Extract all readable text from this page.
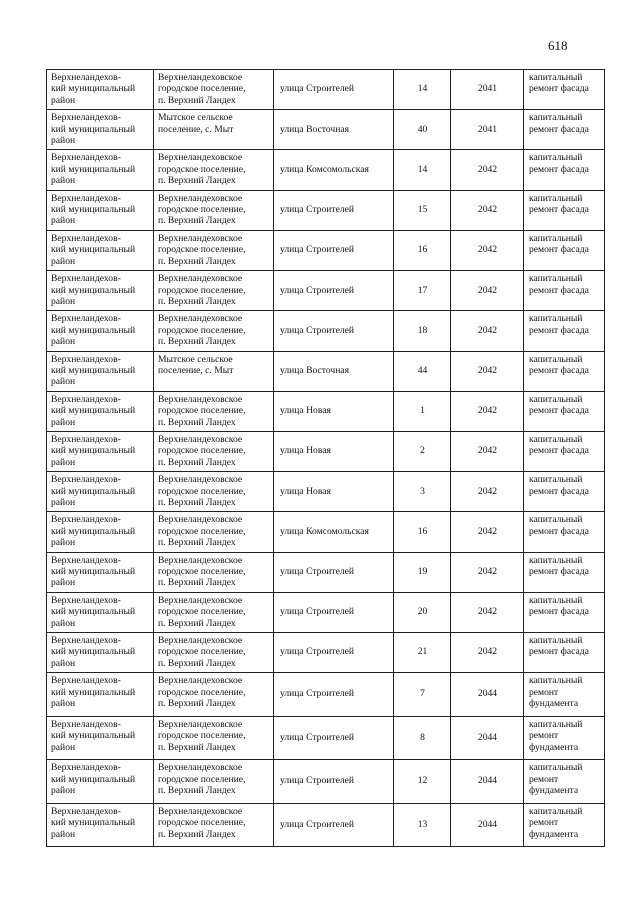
618
Верхнеландехов-
кий муниципальный
район	Верхнеландеховское
городское поселение,
п. Верхний Ландех	улица Строителей	14	2041	капитальный
ремонт фасада

Верхнеландехов-
кий муниципальный
район	Мытское сельское
поселение, с. Мыт	улица Восточная	40	2041	капитальный
ремонт фасада

Верхнеландехов-
кий муниципальный
район	Верхнеландеховское
городское поселение,
п. Верхний Ландех	улица Комсомольская	14	2042	капитальный
ремонт фасада

Верхнеландехов-
кий муниципальный
район	Верхнеландеховское
городское поселение,
п. Верхний Ландех	улица Строителей	15	2042	капитальный
ремонт фасада

Верхнеландехов-
кий муниципальный
район	Верхнеландеховское
городское поселение,
п. Верхний Ландех	улица Строителей	16	2042	капитальный
ремонт фасада

Верхнеландехов-
кий муниципальный
район	Верхнеландеховское
городское поселение,
п. Верхний Ландех	улица Строителей	17	2042	капитальный
ремонт фасада

Верхнеландехов-
кий муниципальный
район	Верхнеландеховское
городское поселение,
п. Верхний Ландех	улица Строителей	18	2042	капитальный
ремонт фасада

Верхнеландехов-
кий муниципальный
район	Мытское сельское
поселение, с. Мыт	улица Восточная	44	2042	капитальный
ремонт фасада

Верхнеландехов-
кий муниципальный
район	Верхнеландеховское
городское поселение,
п. Верхний Ландех	улица Новая	1	2042	капитальный
ремонт фасада

Верхнеландехов-
кий муниципальный
район	Верхнеландеховское
городское поселение,
п. Верхний Ландех	улица Новая	2	2042	капитальный
ремонт фасада

Верхнеландехов-
кий муниципальный
район	Верхнеландеховское
городское поселение,
п. Верхний Ландех	улица Новая	3	2042	капитальный
ремонт фасада

Верхнеландехов-
кий муниципальный
район	Верхнеландеховское
городское поселение,
п. Верхний Ландех	улица Комсомольская	16	2042	капитальный
ремонт фасада

Верхнеландехов-
кий муниципальный
район	Верхнеландеховское
городское поселение,
п. Верхний Ландех	улица Строителей	19	2042	капитальный
ремонт фасада

Верхнеландехов-
кий муниципальный
район	Верхнеландеховское
городское поселение,
п. Верхний Ландех	улица Строителей	20	2042	капитальный
ремонт фасада

Верхнеландехов-
кий муниципальный
район	Верхнеландеховское
городское поселение,
п. Верхний Ландех	улица Строителей	21	2042	капитальный
ремонт фасада

Верхнеландехов-
кий муниципальный
район	Верхнеландеховское
городское поселение,
п. Верхний Ландех	улица Строителей	7	2044	капитальный
ремонт
фундамента

Верхнеландехов-
кий муниципальный
район	Верхнеландеховское
городское поселение,
п. Верхний Ландех	улица Строителей	8	2044	капитальный
ремонт
фундамента

Верхнеландехов-
кий муниципальный
район	Верхнеландеховское
городское поселение,
п. Верхний Ландех	улица Строителей	12	2044	капитальный
ремонт
фундамента

Верхнеландехов-
кий муниципальный
район	Верхнеландеховское
городское поселение,
п. Верхний Ландех	улица Строителей	13	2044	капитальный
ремонт
фундамента
